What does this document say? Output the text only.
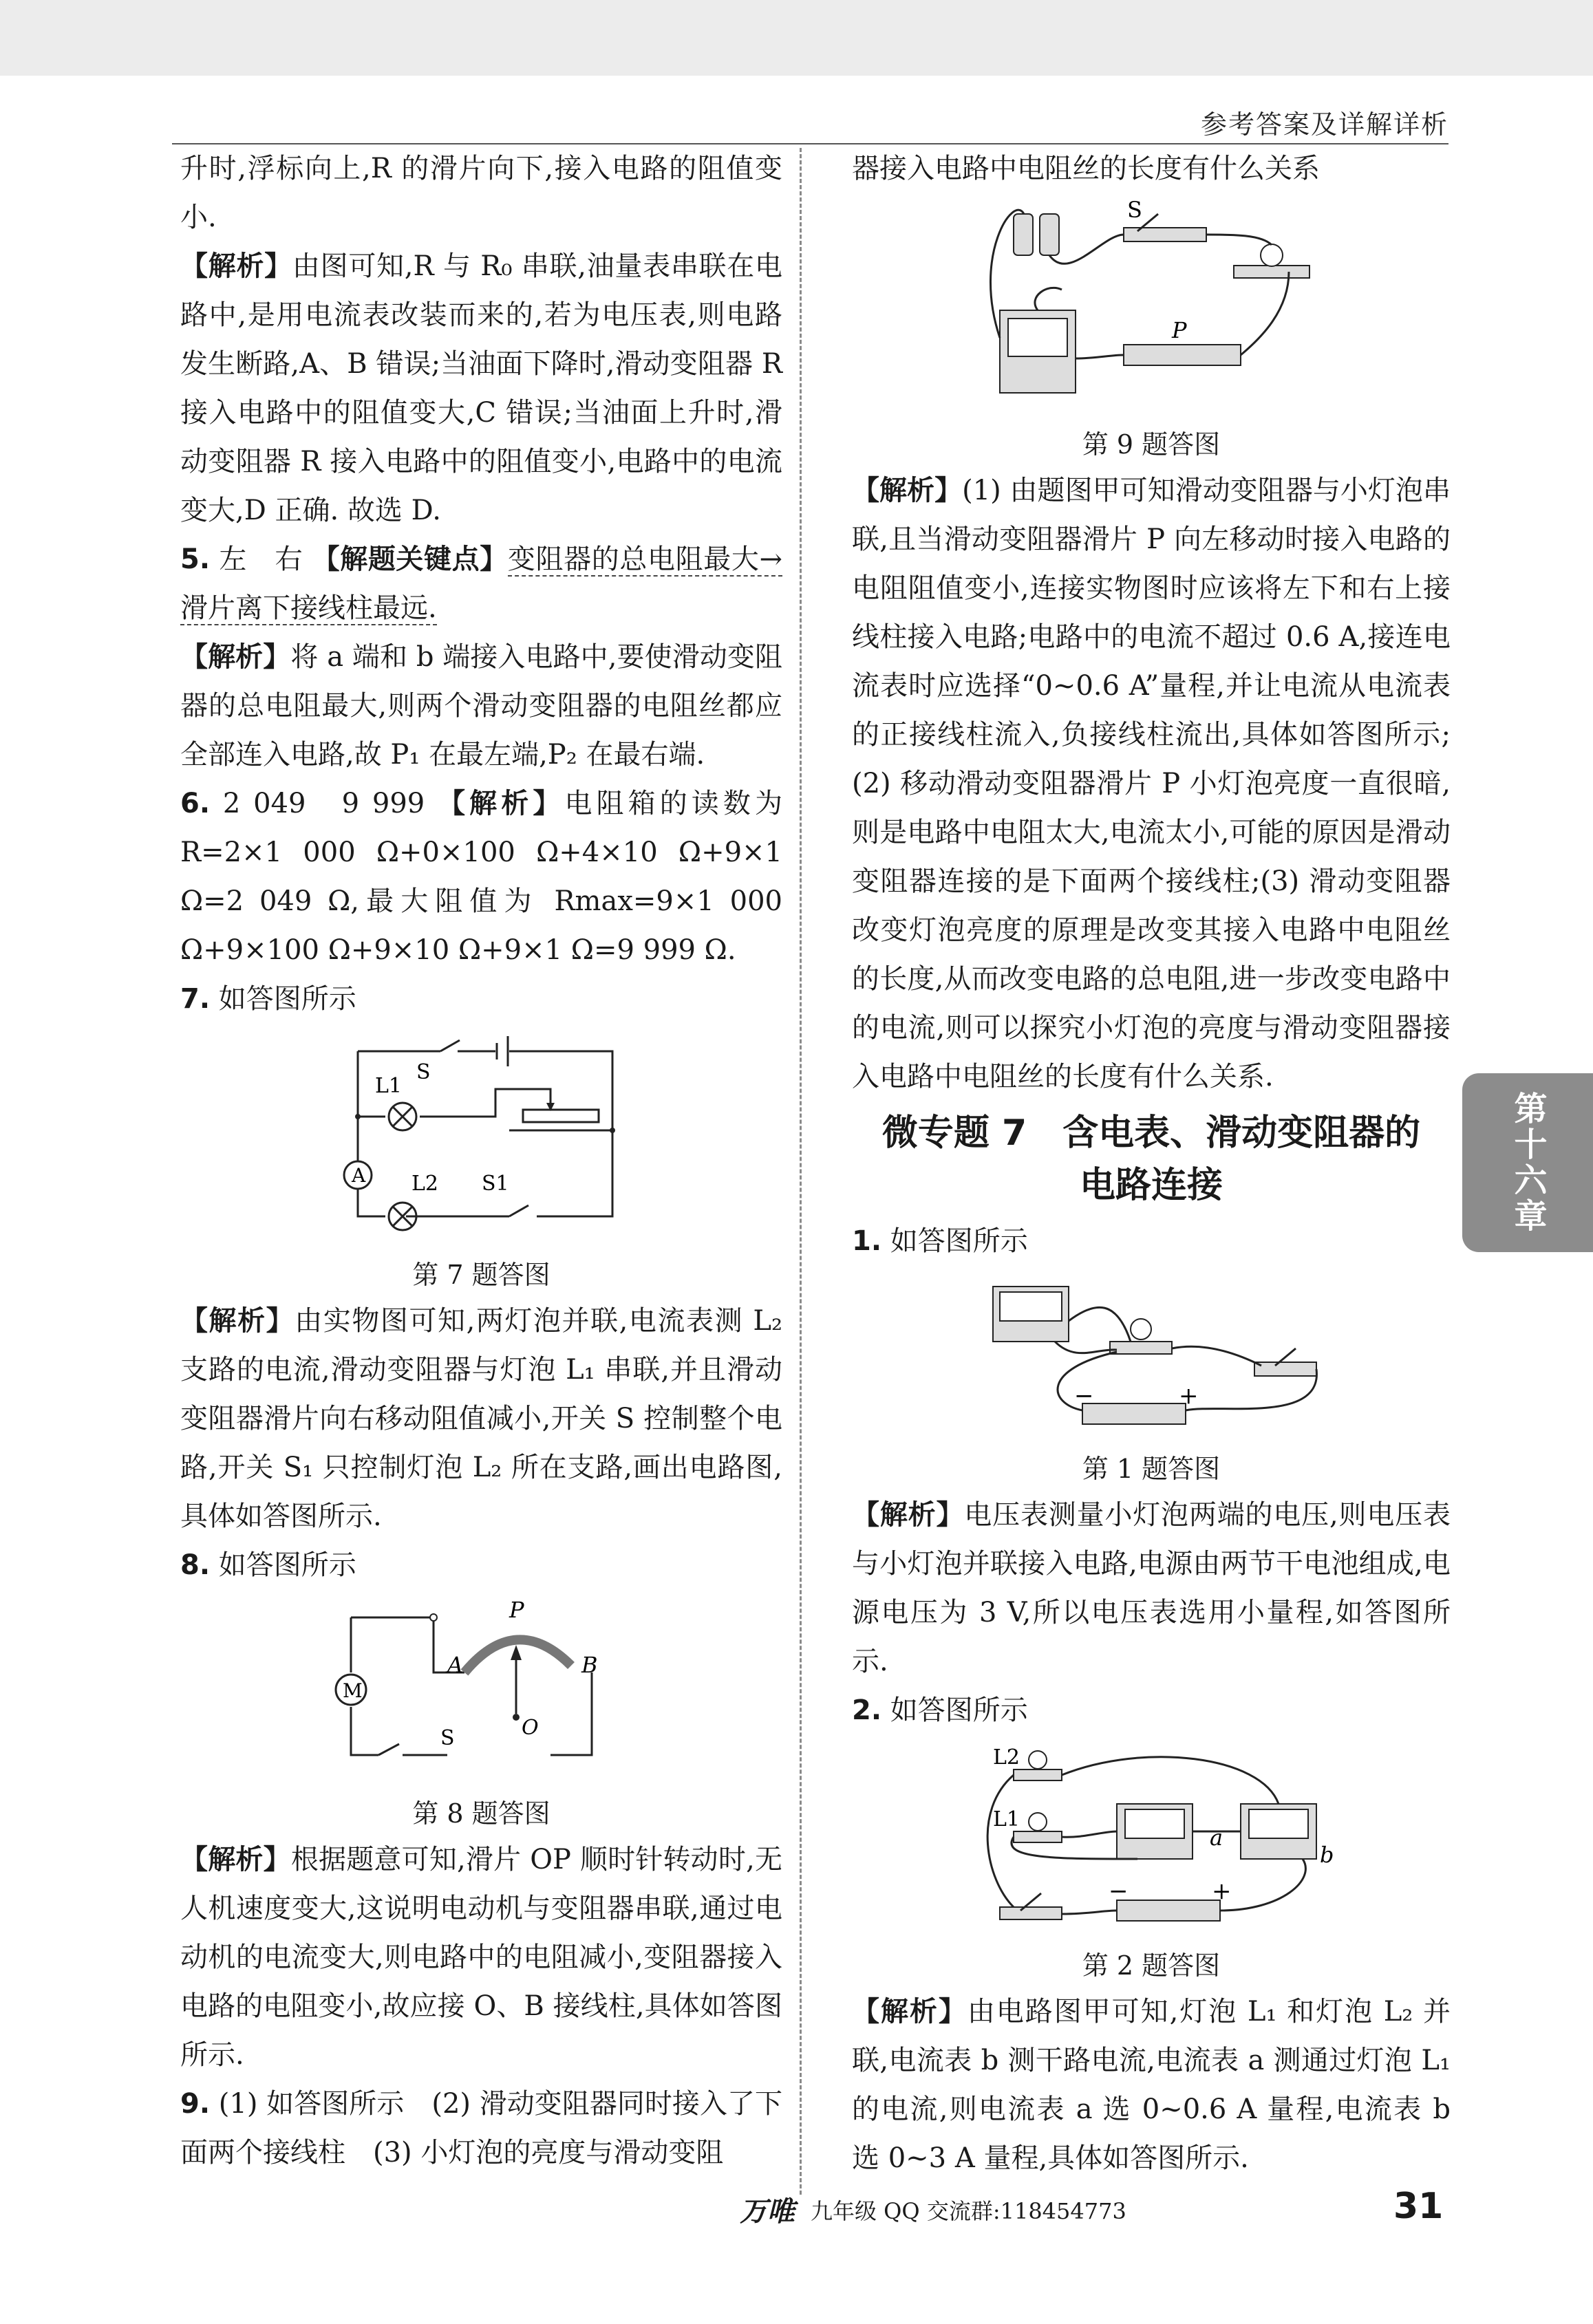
参考答案及详解详析

升时,浮标向上,R 的滑片向下,接入电路的阻值变小.

【解析】由图可知,R 与 R₀ 串联,油量表串联在电路中,是用电流表改装而来的,若为电压表,则电路发生断路,A、B 错误;当油面下降时,滑动变阻器 R 接入电路中的阻值变大,C 错误;当油面上升时,滑动变阻器 R 接入电路中的阻值变小,电路中的电流变大,D 正确. 故选 D.

5. 左　右 【解题关键点】变阻器的总电阻最大→滑片离下接线柱最远.

【解析】将 a 端和 b 端接入电路中,要使滑动变阻器的总电阻最大,则两个滑动变阻器的电阻丝都应全部连入电路,故 P₁ 在最左端,P₂ 在最右端.

6. 2 049　9 999 【解析】电阻箱的读数为 R=2×1 000 Ω+0×100 Ω+4×10 Ω+9×1 Ω=2 049 Ω,最大阻值为 Rmax=9×1 000 Ω+9×100 Ω+9×10 Ω+9×1 Ω=9 999 Ω.

7. 如答图所示

S
L1
A L2 S1
第 7 题答图

【解析】由实物图可知,两灯泡并联,电流表测 L₂ 支路的电流,滑动变阻器与灯泡 L₁ 串联,并且滑动变阻器滑片向右移动阻值减小,开关 S 控制整个电路,开关 S₁ 只控制灯泡 L₂ 所在支路,画出电路图,具体如答图所示.

8. 如答图所示

P
A	B
M
S	O
第 8 题答图

【解析】根据题意可知,滑片 OP 顺时针转动时,无人机速度变大,这说明电动机与变阻器串联,通过电动机的电流变大,则电路中的电阻减小,变阻器接入电路的电阻变小,故应接 O、B 接线柱,具体如答图所示.

9. (1) 如答图所示　(2) 滑动变阻器同时接入了下面两个接线柱　(3) 小灯泡的亮度与滑动变阻

器接入电路中电阻丝的长度有什么关系

S
P
第 9 题答图

【解析】(1) 由题图甲可知滑动变阻器与小灯泡串联,且当滑动变阻器滑片 P 向左移动时接入电路的电阻阻值变小,连接实物图时应该将左下和右上接线柱接入电路;电路中的电流不超过 0.6 A,接连电流表时应选择“0~0.6 A”量程,并让电流从电流表的正接线柱流入,负接线柱流出,具体如答图所示;(2) 移动滑动变阻器滑片 P 小灯泡亮度一直很暗,则是电路中电阻太大,电流太小,可能的原因是滑动变阻器连接的是下面两个接线柱;(3) 滑动变阻器改变灯泡亮度的原理是改变其接入电路中电阻丝的长度,从而改变电路的总电阻,进一步改变电路中的电流,则可以探究小灯泡的亮度与滑动变阻器接入电路中电阻丝的长度有什么关系.

微专题 7　含电表、滑动变阻器的
电路连接

1. 如答图所示

−	+
第 1 题答图

【解析】电压表测量小灯泡两端的电压,则电压表与小灯泡并联接入电路,电源由两节干电池组成,电源电压为 3 V,所以电压表选用小量程,如答图所示.

2. 如答图所示

L2
L1
a
b
−	+
第 2 题答图

【解析】由电路图甲可知,灯泡 L₁ 和灯泡 L₂ 并联,电流表 b 测干路电流,电流表 a 测通过灯泡 L₁ 的电流,则电流表 a 选 0~0.6 A 量程,电流表 b 选 0~3 A 量程,具体如答图所示.

第十六章
万唯 九年级 QQ 交流群:118454773	31
